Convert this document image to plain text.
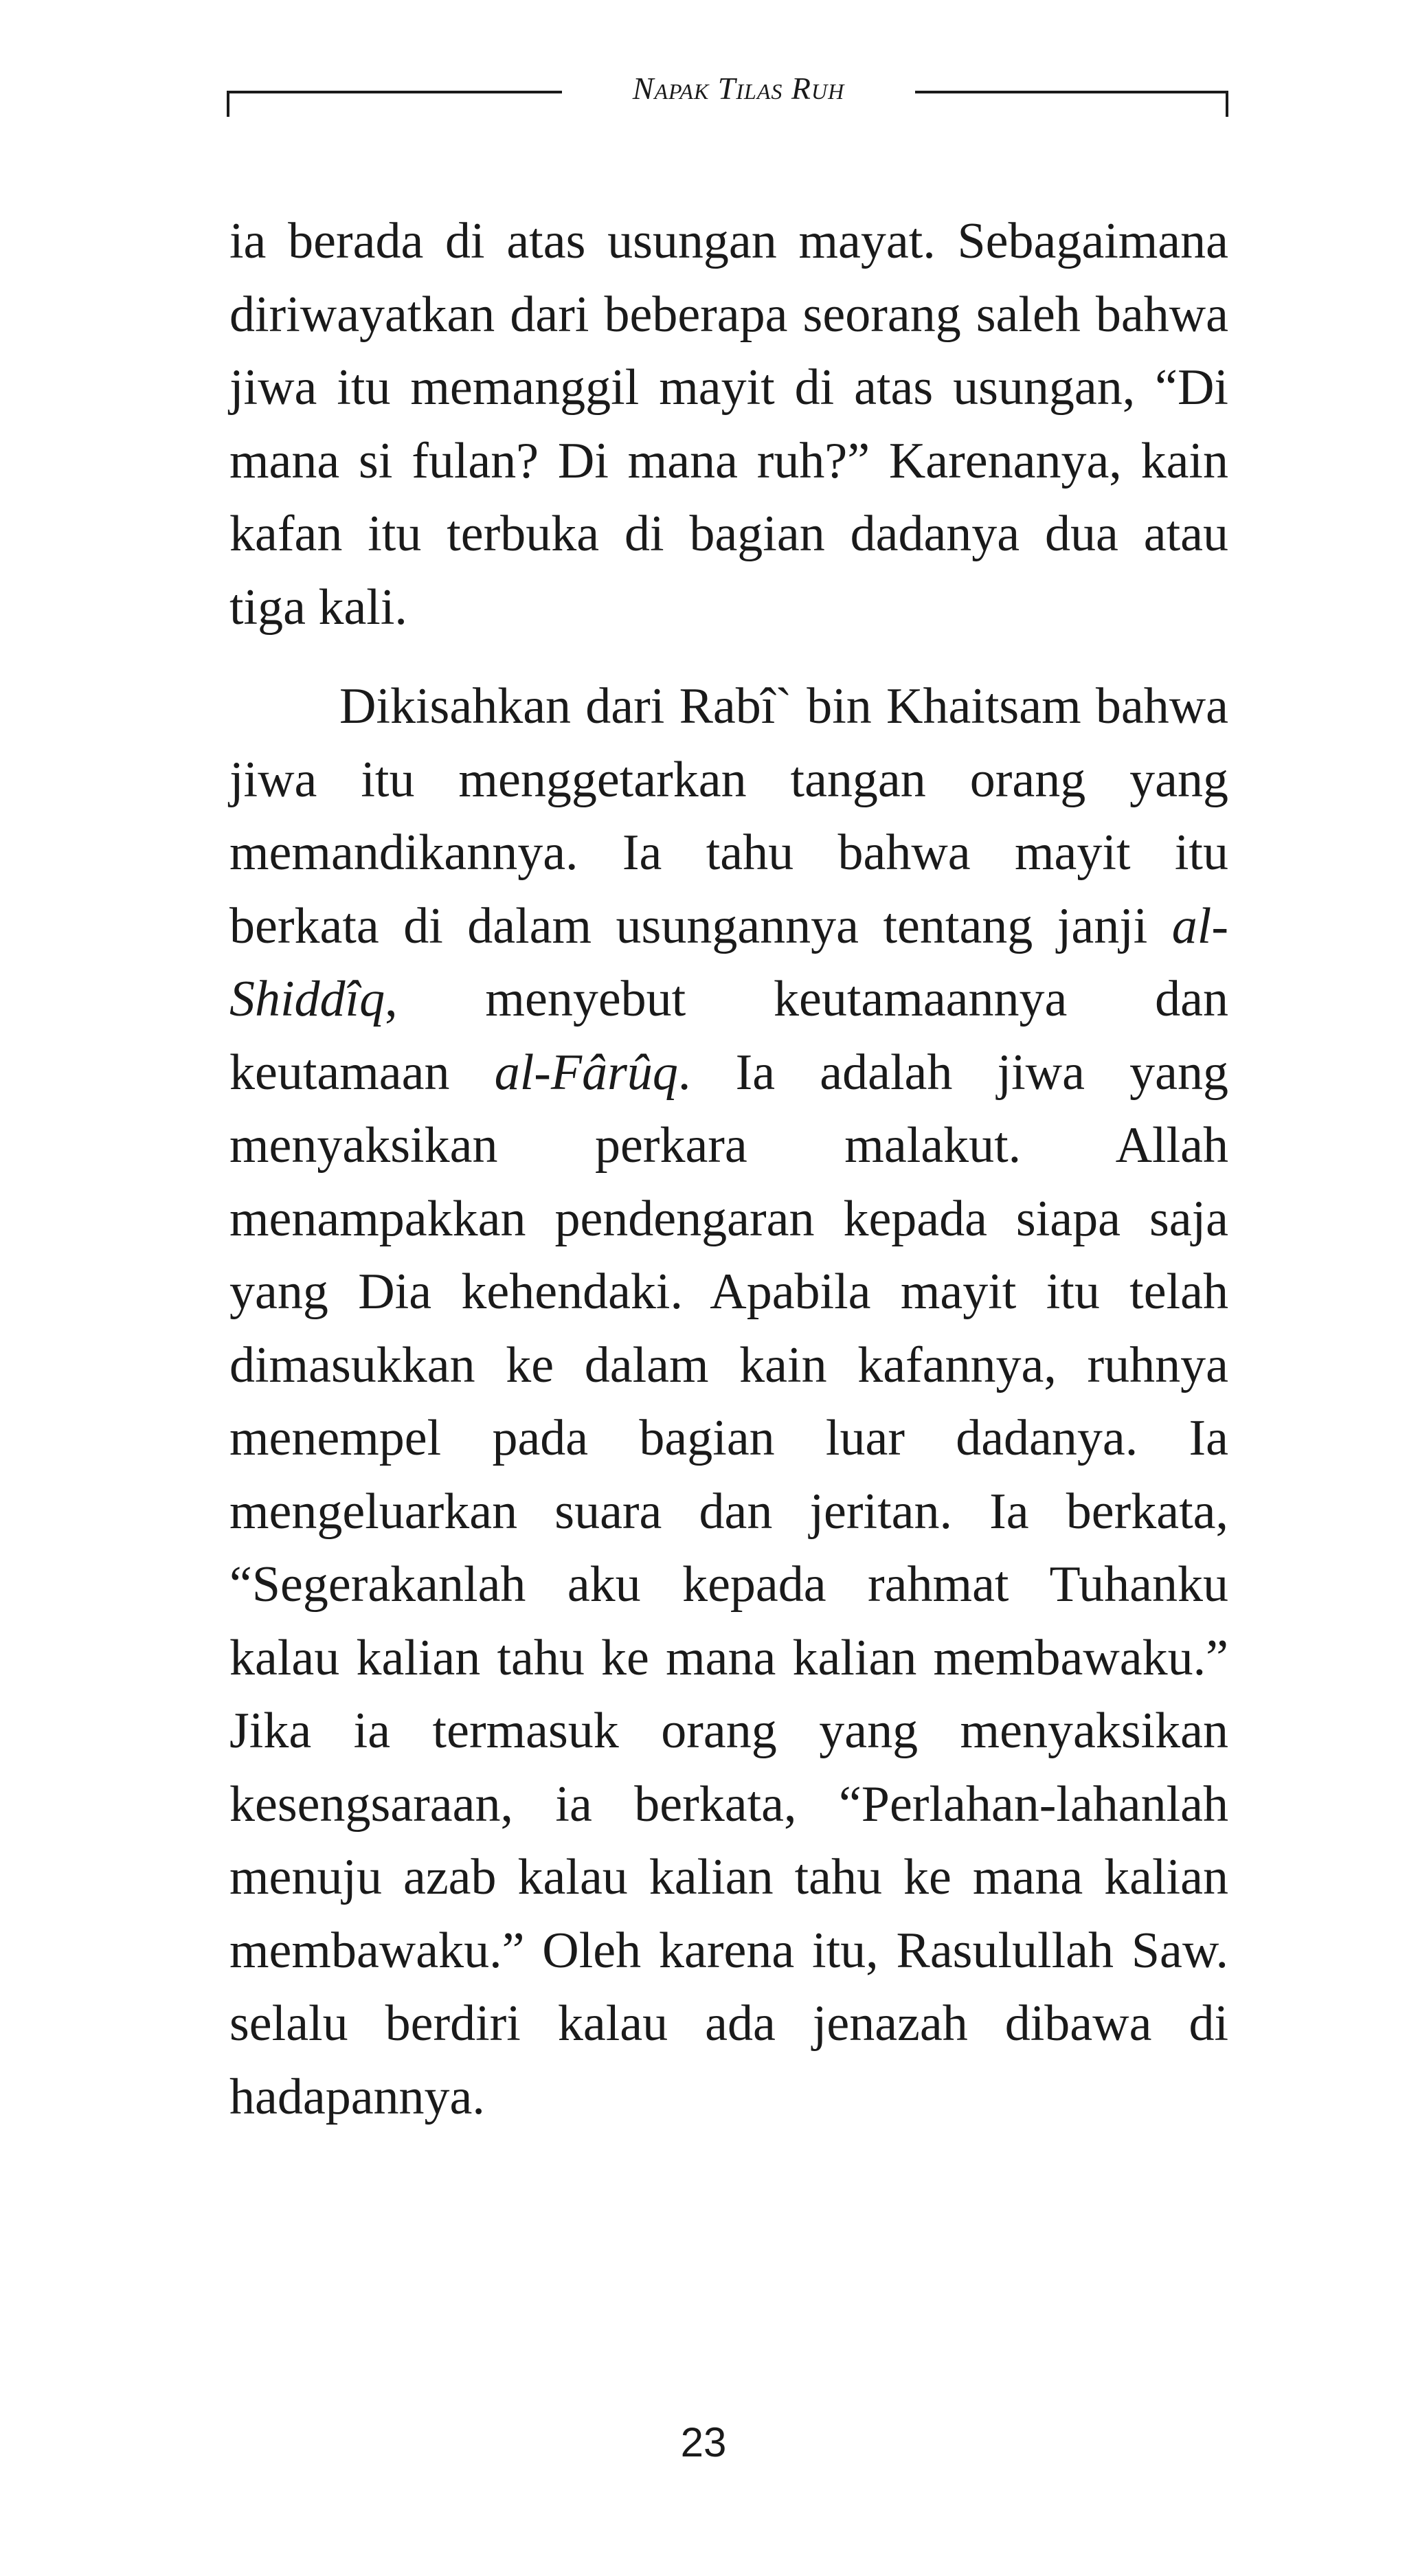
Napak Tilas Ruh

ia berada di atas usungan mayat. Sebagaimana diriwayatkan dari beberapa seorang saleh bahwa jiwa itu memanggil mayit di atas usungan, “Di mana si fulan? Di mana ruh?” Karenanya, kain kafan itu terbuka di bagian dadanya dua atau tiga kali.

Dikisahkan dari Rabî` bin Khaitsam bahwa jiwa itu menggetarkan tangan orang yang memandikannya. Ia tahu bahwa mayit itu berkata di dalam usungannya tentang janji al-Shiddîq, menyebut keutamaannya dan keutamaan al-Fârûq. Ia adalah jiwa yang menyaksikan perkara malakut. Allah menampakkan pendengaran kepada siapa saja yang Dia kehendaki. Apabila mayit itu telah dimasukkan ke dalam kain kafannya, ruhnya menempel pada bagian luar dadanya. Ia mengeluarkan suara dan jeritan. Ia berkata, “Segerakanlah aku kepada rahmat Tuhanku kalau kalian tahu ke mana kalian membawaku.” Jika ia termasuk orang yang menyaksikan kesengsaraan, ia berkata, “Perlahan-lahanlah menuju azab kalau kalian tahu ke mana kalian membawaku.” Oleh karena itu, Rasulullah Saw. selalu berdiri kalau ada jenazah dibawa di hadapannya.

23
